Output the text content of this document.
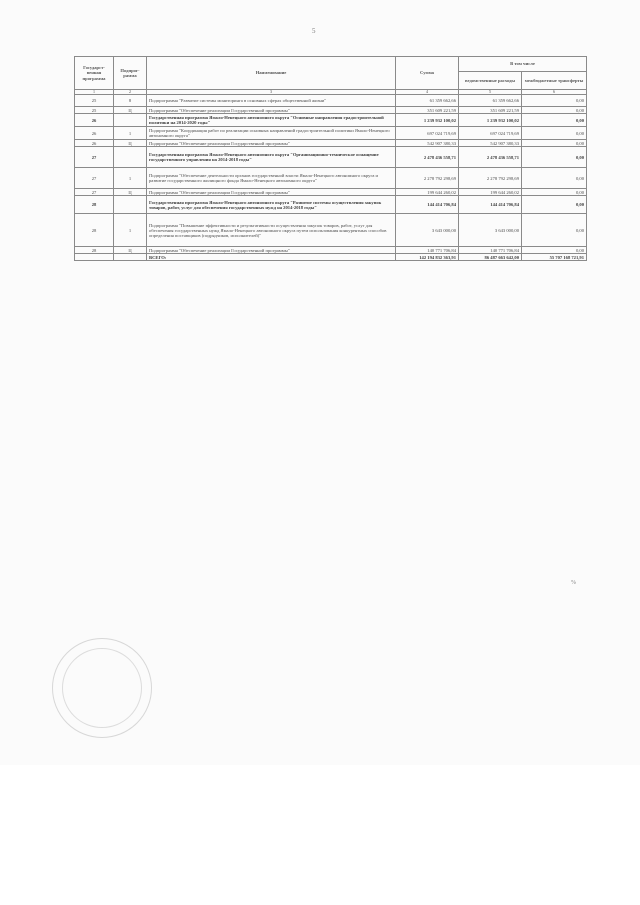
5
Государст-венная программа	Подпрог-рамма	Наименование	Сумма	В том числе	
				ведомственные расходы	межбюджетные трансферты
1	2	3	4	5	6
25	8	Подпрограмма "Развитие системы мониторинга в основных сферах общественной жизни"	61 359 662,66	61 359 662,66	0,00
25	Ц	Подпрограмма "Обеспечение реализации Государственной программы"	351 609 221,59	351 609 221,59	0,00
26		Государственная программа Ямало-Ненецкого автономного округа "Основные направления градостроительной политики на 2014-2020 годы"	1 239 932 100,02	1 239 932 100,02	0,00
26	1	Подпрограмма "Координация работ по реализации основных направлений градостроительной политики Ямало-Ненецкого автономного округа"	697 024 719,69	697 024 719,69	0,00
26	Ц	Подпрограмма "Обеспечение реализации Государственной программы"	542 907 380,33	542 907 380,33	0,00
27		Государственная программа Ямало-Ненецкого автономного округа "Организационно-техническое оснащение государственного управления на 2014-2018 годы"	2 478 436 558,71	2 478 436 558,71	0,00
27	1	Подпрограмма "Обеспечение деятельности органов государственной власти Ямало-Ненецкого автономного округа и развитие государственного жилищного фонда Ямало-Ненецкого автономного округа"	2 278 792 298,69	2 278 792 298,69	0,00
27	Ц	Подпрограмма "Обеспечение реализации Государственной программы"	199 644 260,02	199 644 260,02	0,00
28		Государственная программа Ямало-Ненецкого автономного округа "Развитие системы осуществления закупок товаров, работ, услуг для обеспечения государственных нужд на 2014-2018 годы"	144 414 706,84	144 414 706,84	0,00
28	1	Подпрограмма "Повышение эффективности и результативности осуществления закупок товаров, работ, услуг для обеспечения государственных нужд Ямало-Ненецкого автономного округа путем использования конкурентных способов определения поставщиков (подрядчиков, исполнителей)"	3 643 000,00	3 643 000,00	0,00
28	Ц	Подпрограмма "Обеспечение реализации Государственной программы"	140 771 706,84	140 771 706,84	0,00
		ВСЕГО:	142 194 832 363,91	86 487 663 642,00	55 707 168 721,91
%
